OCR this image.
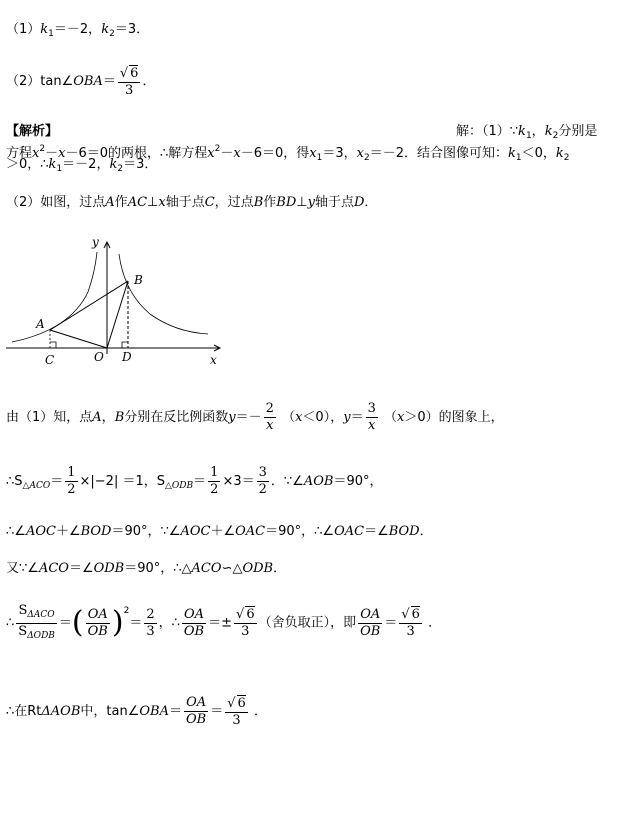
$(1)k_1=-2$，$k_2=3$．
（2）tan∠OBA＝ $\frac{√ 6}{3}$ ．
【解析】	解：$(1)\because k_1$，$k_2$分别是
方程$x^2-x-6=0$的两根，∴解方程$x^2-x-6=0$，得$x_1=3$，$x_2=-2$．结合图像可知：$k_1<0$，$k_2$
＞0，$\therefore k_1=-2$，$k_2=3$．
（2）如图，过点A作AC⊥x轴于点C，过点B作BD⊥y轴于点D．
y
x
A
B
C	O D
由（1）知，点A，B分别在反比例函数$y=- \frac{2}{x} (x<0)$，$y= \frac{3}{x} (x>0)$的图象上，
$\therefore S_{\triangle ACO}= \frac{1}{2} \times|-2| =1$，$S_{\triangle ODB}= \frac{1}{2} \times 3= \frac{3}{2}$ ．∵∠AOB＝90°，
∴∠AOC＋∠BOD＝90°，∵∠AOC＋∠OAC＝90°，∴∠OAC＝∠BOD．
又∵∠ACO＝∠ODB＝90°，∴△ACO∽△ODB．
∴ $\frac{S_{\Delta ACO}}{S_{\Delta ODB}}$ ＝( $\frac{OA}{OB} )^2= \frac{2}{3}$ ，∴ $\frac{OA}{OB} =\pm \frac{√ 6}{3}$ （舍负取正），即 $\frac{OA}{OB} = \frac{√ 6}{3}$ ．
∴在RtΔAOB中，tan∠OBA＝ $\frac{OA}{OB} = \frac{√ 6}{3}$ ．
